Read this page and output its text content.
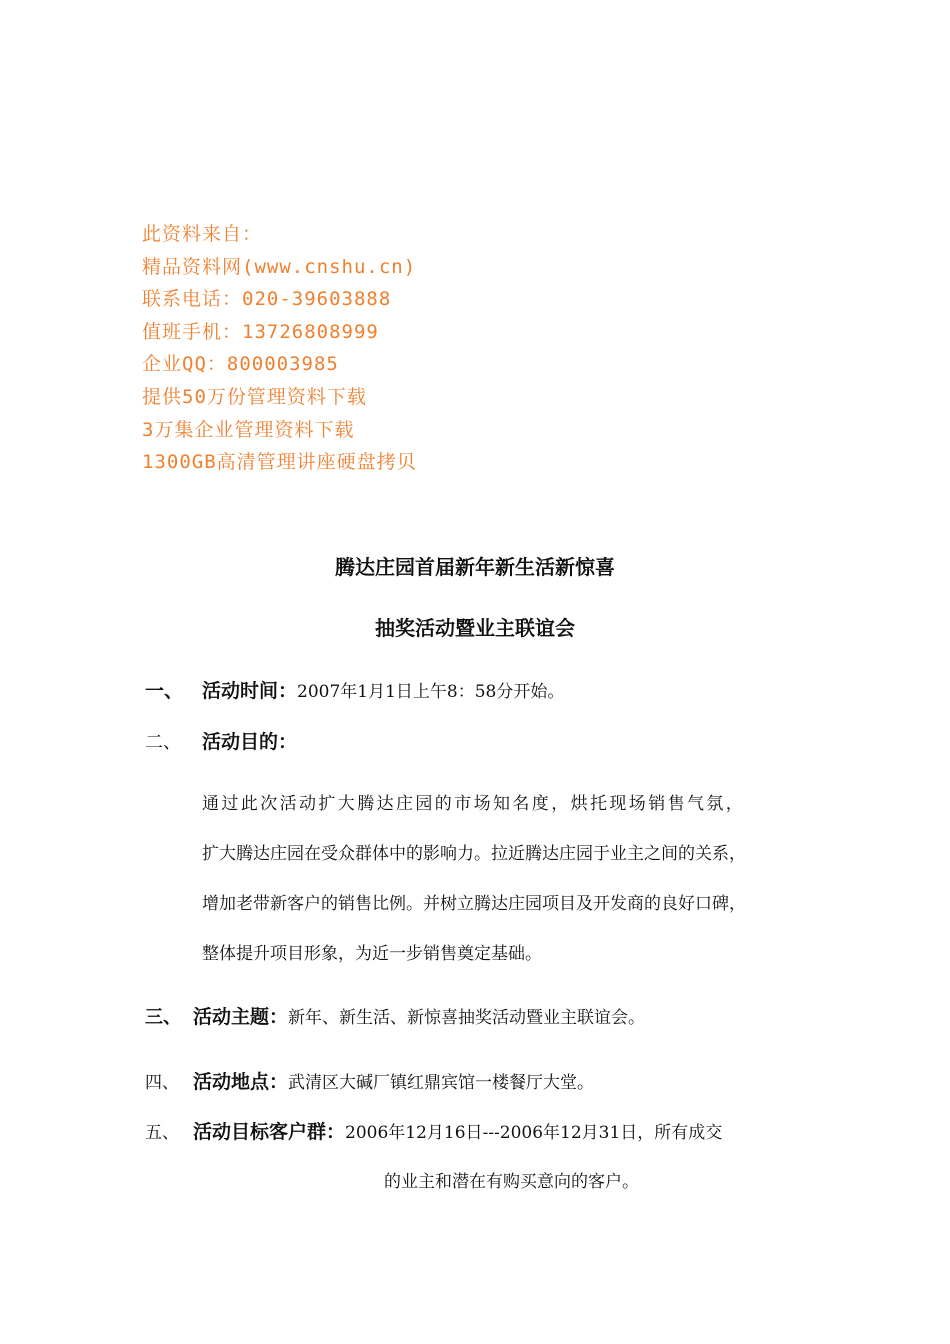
此资料来自：
精品资料网(www.cnshu.cn)
联系电话：020-39603888
值班手机：13726808999
企业QQ：800003985
提供50万份管理资料下载
3万集企业管理资料下载
1300GB高清管理讲座硬盘拷贝
腾达庄园首届新年新生活新惊喜
抽奖活动暨业主联谊会
一、 活动时间： 2007年1月1日上午8：58分开始。
二、	活动目的：
通过此次活动扩大腾达庄园的市场知名度，烘托现场销售气氛，
扩大腾达庄园在受众群体中的影响力。拉近腾达庄园于业主之间的关系，
增加老带新客户的销售比例。并树立腾达庄园项目及开发商的良好口碑，
整体提升项目形象，为近一步销售奠定基础。
三、 活动主题： 新年、新生活、新惊喜抽奖活动暨业主联谊会。
四、 活动地点： 武清区大碱厂镇红鼎宾馆一楼餐厅大堂。
五、 活动目标客户群： 2006年12月16日---2006年12月31日，所有成交
的业主和潜在有购买意向的客户。
